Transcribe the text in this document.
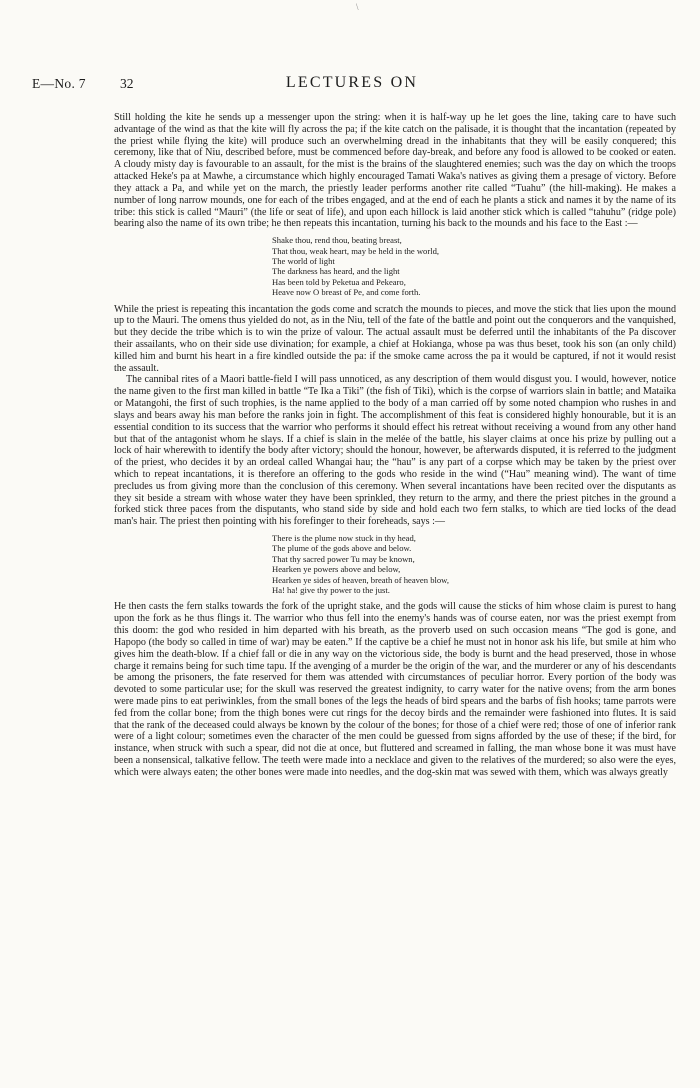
\
E—No. 7	32	LECTURES ON

Still holding the kite he sends up a messenger upon the string: when it is half-way up he let goes the line, taking care to have such advantage of the wind as that the kite will fly across the pa; if the kite catch on the palisade, it is thought that the incantation (repeated by the priest while flying the kite) will produce such an overwhelming dread in the inhabitants that they will be easily conquered; this ceremony, like that of Niu, described before, must be commenced before day-break, and before any food is allowed to be cooked or eaten. A cloudy misty day is favourable to an assault, for the mist is the brains of the slaughtered enemies; such was the day on which the troops attacked Heke's pa at Mawhe, a circumstance which highly encouraged Tamati Waka's natives as giving them a presage of victory. Before they attack a Pa, and while yet on the march, the priestly leader performs another rite called “Tuahu” (the hill-making). He makes a number of long narrow mounds, one for each of the tribes engaged, and at the end of each he plants a stick and names it by the name of its tribe: this stick is called “Mauri” (the life or seat of life), and upon each hillock is laid another stick which is called “tahuhu” (ridge pole) bearing also the name of its own tribe; he then repeats this incantation, turning his back to the mounds and his face to the East :—

Shake thou, rend thou, beating breast,
That thou, weak heart, may be held in the world,
The world of light
The darkness has heard, and the light
Has been told by Peketua and Pekearo,
Heave now O breast of Pe, and come forth.

While the priest is repeating this incantation the gods come and scratch the mounds to pieces, and move the stick that lies upon the mound up to the Mauri. The omens thus yielded do not, as in the Niu, tell of the fate of the battle and point out the conquerors and the vanquished, but they decide the tribe which is to win the prize of valour. The actual assault must be deferred until the inhabitants of the Pa discover their assailants, who on their side use divination; for example, a chief at Hokianga, whose pa was thus beset, took his son (an only child) killed him and burnt his heart in a fire kindled outside the pa: if the smoke came across the pa it would be captured, if not it would resist the assault.

The cannibal rites of a Maori battle-field I will pass unnoticed, as any description of them would disgust you. I would, however, notice the name given to the first man killed in battle “Te Ika a Tiki” (the fish of Tiki), which is the corpse of warriors slain in battle; and Mataika or Matangohi, the first of such trophies, is the name applied to the body of a man carried off by some noted champion who rushes in and slays and bears away his man before the ranks join in fight. The accomplishment of this feat is considered highly honourable, but it is an essential condition to its success that the warrior who performs it should effect his retreat without receiving a wound from any other hand but that of the antagonist whom he slays. If a chief is slain in the melée of the battle, his slayer claims at once his prize by pulling out a lock of hair wherewith to identify the body after victory; should the honour, however, be afterwards disputed, it is referred to the judgment of the priest, who decides it by an ordeal called Whangai hau; the “hau” is any part of a corpse which may be taken by the priest over which to repeat incantations, it is therefore an offering to the gods who reside in the wind (“Hau” meaning wind). The want of time precludes us from giving more than the conclusion of this ceremony. When several incantations have been recited over the disputants as they sit beside a stream with whose water they have been sprinkled, they return to the army, and there the priest pitches in the ground a forked stick three paces from the disputants, who stand side by side and hold each two fern stalks, to which are tied locks of the dead man's hair. The priest then pointing with his forefinger to their foreheads, says :—

There is the plume now stuck in thy head,
The plume of the gods above and below.
That thy sacred power Tu may be known,
Hearken ye powers above and below,
Hearken ye sides of heaven, breath of heaven blow,
Ha! ha! give thy power to the just.

He then casts the fern stalks towards the fork of the upright stake, and the gods will cause the sticks of him whose claim is purest to hang upon the fork as he thus flings it. The warrior who thus fell into the enemy's hands was of course eaten, nor was the priest exempt from this doom: the god who resided in him departed with his breath, as the proverb used on such occasion means “The god is gone, and Hapopo (the body so called in time of war) may be eaten.” If the captive be a chief he must not in honor ask his life, but smile at him who gives him the death-blow. If a chief fall or die in any way on the victorious side, the body is burnt and the head preserved, those in whose charge it remains being for such time tapu. If the avenging of a murder be the origin of the war, and the murderer or any of his descendants be among the prisoners, the fate reserved for them was attended with circumstances of peculiar horror. Every portion of the body was devoted to some particular use; for the skull was reserved the greatest indignity, to carry water for the native ovens; from the arm bones were made pins to eat periwinkles, from the small bones of the legs the heads of bird spears and the barbs of fish hooks; tame parrots were fed from the collar bone; from the thigh bones were cut rings for the decoy birds and the remainder were fashioned into flutes. It is said that the rank of the deceased could always be known by the colour of the bones; for those of a chief were red; those of one of inferior rank were of a light colour; sometimes even the character of the men could be guessed from signs afforded by the use of these; if the bird, for instance, when struck with such a spear, did not die at once, but fluttered and screamed in falling, the man whose bone it was must have been a nonsensical, talkative fellow. The teeth were made into a necklace and given to the relatives of the murdered; so also were the eyes, which were always eaten; the other bones were made into needles, and the dog-skin mat was sewed with them, which was always greatly
